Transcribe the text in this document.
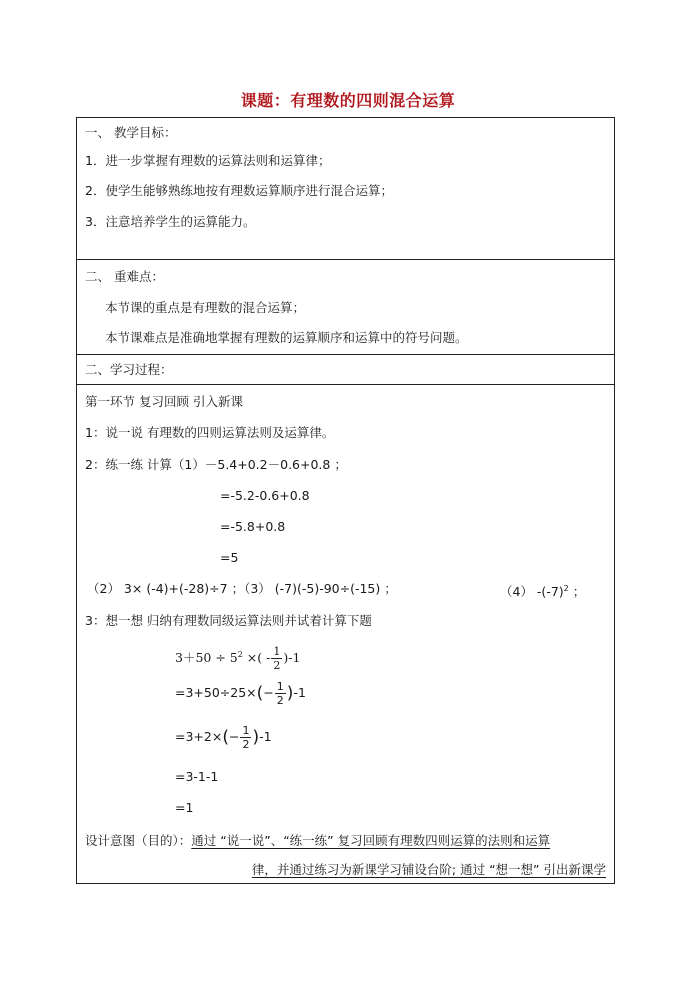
课题：有理数的四则混合运算
一、 教学目标：
1．进一步掌握有理数的运算法则和运算律；
2．使学生能够熟练地按有理数运算顺序进行混合运算；
3．注意培养学生的运算能力。
二、 重难点：
本节课的重点是有理数的混合运算；
本节课难点是准确地掌握有理数的运算顺序和运算中的符号问题。
二、学习过程：
第一环节 复习回顾 引入新课
1：说一说 有理数的四则运算法则及运算律。
2：练一练 计算（1）－5.4+0.2－0.6+0.8 ；
=-5.2-0.6+0.8
=-5.8+0.8
=5
（2） 3× (-4)+(-28)÷7 ；（3） (-7)(-5)-90÷(-15) ；	（4） $-(-7)^2$ ；
3：想一想 归纳有理数同级运算法则并试着计算下题
$3+50 \div 5^2$ ×( - $\frac{1}{2} )-1$
$=3+50\div 25\times(- \frac{1}{2} )-1$
$=3+2\times(- \frac{1}{2} )-1$
=3-1-1
=1
设计意图（目的）：通过 “说一说”、“练一练” 复习回顾有理数四则运算的法则和运算
律，并通过练习为新课学习铺设台阶; 通过 “想一想” 引出新课学
